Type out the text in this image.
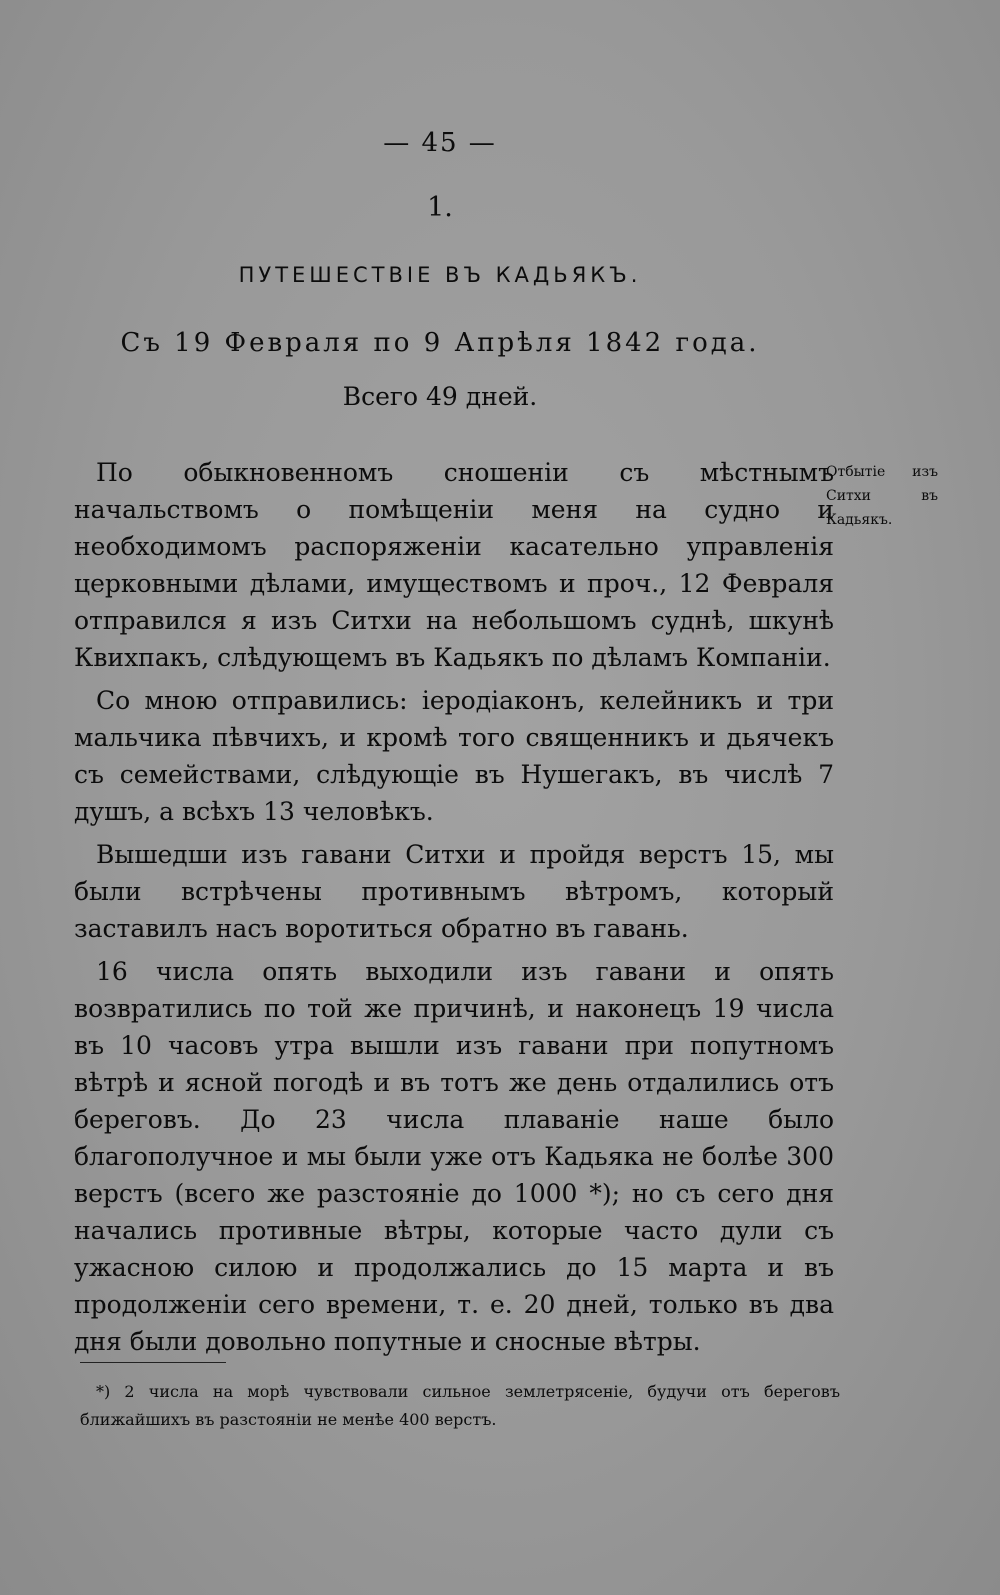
— 45 —
1.
ПУТЕШЕСТВІЕ ВЪ КАДЬЯКЪ.
Съ 19 Февраля по 9 Апрѣля 1842 года.
Всего 49 дней.

По обыкновенномъ сношеніи съ мѣстнымъ начальствомъ о помѣщеніи меня на судно и необходимомъ распоряженіи касательно управленія церковными дѣлами, имуществомъ и проч., 12 Февраля отправился я изъ Ситхи на небольшомъ суднѣ, шкунѣ Квихпакъ, слѣдующемъ въ Кадьякъ по дѣламъ Компаніи.

Со мною отправились: іеродіаконъ, келейникъ и три мальчика пѣвчихъ, и кромѣ того священникъ и дьячекъ съ семействами, слѣдующіе въ Нушегакъ, въ числѣ 7 душъ, а всѣхъ 13 человѣкъ.

Вышедши изъ гавани Ситхи и пройдя верстъ 15, мы были встрѣчены противнымъ вѣтромъ, который заставилъ насъ воротиться обратно въ гавань.

16 числа опять выходили изъ гавани и опять возвратились по той же причинѣ, и наконецъ 19 числа въ 10 часовъ утра вышли изъ гавани при попутномъ вѣтрѣ и ясной погодѣ и въ тотъ же день отдалились отъ береговъ. До 23 числа плаваніе наше было благополучное и мы были уже отъ Кадьяка не болѣе 300 верстъ (всего же разстояніе до 1000 *); но съ сего дня начались противные вѣтры, которые часто дули съ ужасною силою и продолжались до 15 марта и въ продолженіи сего времени, т. е. 20 дней, только въ два дня были довольно попутные и сносные вѣтры.

Отбытіе изъ Ситхи въ Кадьякъ.
*) 2 числа на морѣ чувствовали сильное землетрясеніе, будучи отъ береговъ ближайшихъ въ разстояніи не менѣе 400 верстъ.
